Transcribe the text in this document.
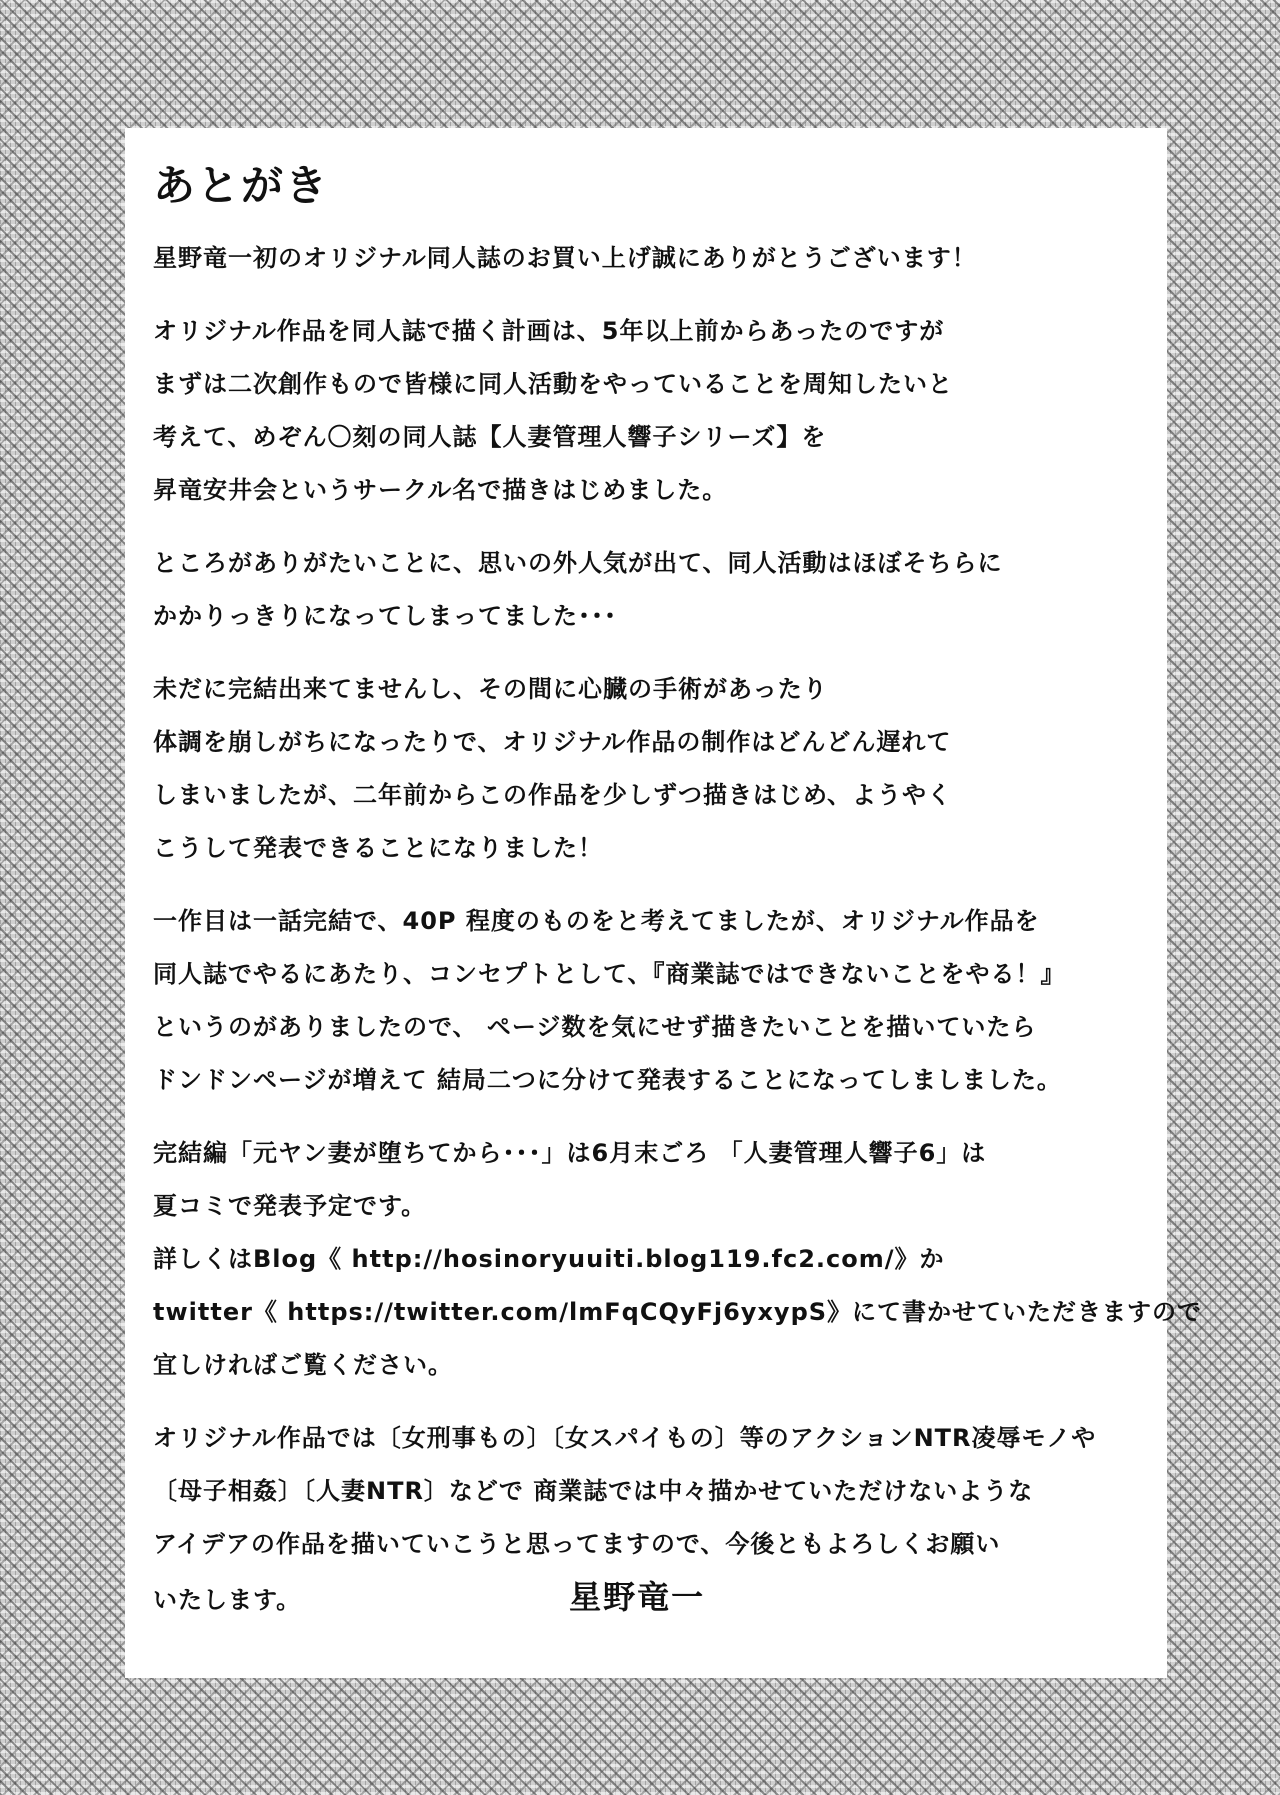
あとがき
星野竜一初のオリジナル同人誌のお買い上げ誠にありがとうございます！
オリジナル作品を同人誌で描く計画は、5年以上前からあったのですが
まずは二次創作もので皆様に同人活動をやっていることを周知したいと
考えて、めぞん〇刻の同人誌【人妻管理人響子シリーズ】を
昇竜安井会というサークル名で描きはじめました。
ところがありがたいことに、思いの外人気が出て、同人活動はほぼそちらに
かかりっきりになってしまってました･･･
未だに完結出来てませんし、その間に心臓の手術があったり
体調を崩しがちになったりで、オリジナル作品の制作はどんどん遅れて
しまいましたが、二年前からこの作品を少しずつ描きはじめ、ようやく
こうして発表できることになりました！
一作目は一話完結で、40P 程度のものをと考えてましたが、オリジナル作品を
同人誌でやるにあたり、コンセプトとして、『商業誌ではできないことをやる！』
というのがありましたので、 ページ数を気にせず描きたいことを描いていたら
ドンドンページが増えて 結局二つに分けて発表することになってしましました。
完結編「元ヤン妻が堕ちてから･･･」は6月末ごろ 「人妻管理人響子6」は
夏コミで発表予定です。
詳しくはBlog《 http://hosinoryuuiti.blog119.fc2.com/》か
twitter《 https://twitter.com/lmFqCQyFj6yxypS》にて書かせていただきますので
宜しければご覧ください。
オリジナル作品では〔女刑事もの〕〔女スパイもの〕等のアクションNTR凌辱モノや
〔母子相姦〕〔人妻NTR〕などで 商業誌では中々描かせていただけないような
アイデアの作品を描いていこうと思ってますので、今後ともよろしくお願い
いたします。	星野竜一
